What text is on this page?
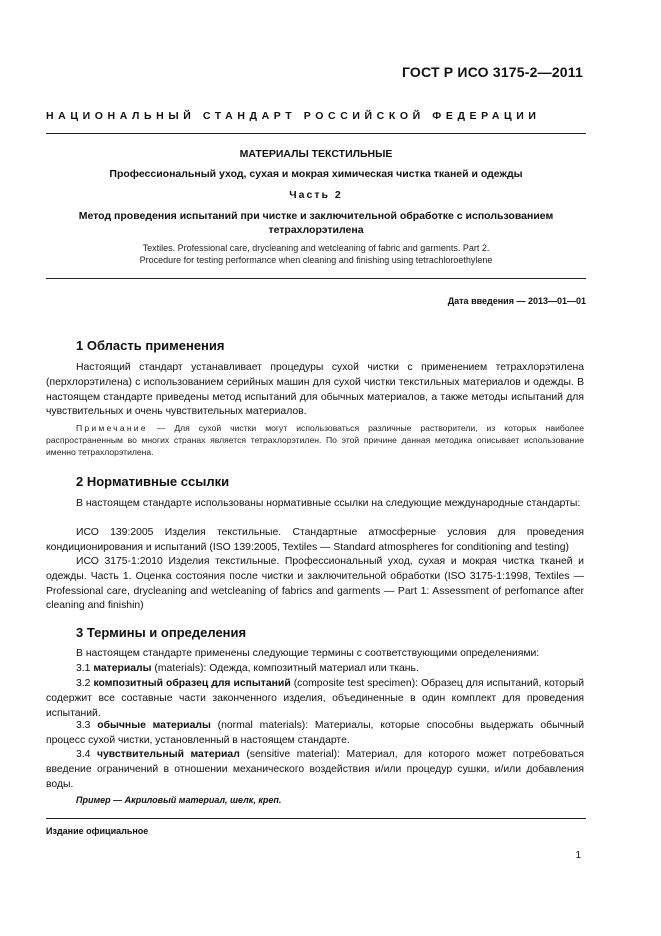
ГОСТ Р ИСО 3175-2—2011
НАЦИОНАЛЬНЫЙ СТАНДАРТ РОССИЙСКОЙ ФЕДЕРАЦИИ
МАТЕРИАЛЫ ТЕКСТИЛЬНЫЕ
Профессиональный уход, сухая и мокрая химическая чистка тканей и одежды
Часть 2
Метод проведения испытаний при чистке и заключительной обработке с использованием тетрахлорэтилена
Textiles. Professional care, drycleaning and wetcleaning of fabric and garments. Part 2.
Procedure for testing performance when cleaning and finishing using tetrachloroethylene
Дата введения — 2013—01—01
1 Область применения

Настоящий стандарт устанавливает процедуры сухой чистки с применением тетрахлорэтилена (перхлорэтилена) с использованием серийных машин для сухой чистки текстильных материалов и одежды. В настоящем стандарте приведены метод испытаний для обычных материалов, а также методы испытаний для чувствительных и очень чувствительных материалов.

Примечание — Для сухой чистки могут использоваться различные растворители, из которых наиболее распространенным во многих странах является тетрахлорэтилен. По этой причине данная методика описывает использование именно тетрахлорэтилена.
2 Нормативные ссылки

В настоящем стандарте использованы нормативные ссылки на следующие международные стандарты:

ИСО 139:2005 Изделия текстильные. Стандартные атмосферные условия для проведения кондиционирования и испытаний (ISO 139:2005, Textiles — Standard atmospheres for conditioning and testing)

ИСО 3175-1:2010 Изделия текстильные. Профессиональный уход, сухая и мокрая чистка тканей и одежды. Часть 1. Оценка состояния после чистки и заключительной обработки (ISO 3175-1:1998, Textiles — Professional care, drycleaning and wetcleaning of fabrics and garments — Part 1: Assessment of perfomance after cleaning and finishin)

3 Термины и определения

В настоящем стандарте применены следующие термины с соответствующими определениями:

3.1 материалы (materials): Одежда, композитный материал или ткань.

3.2 композитный образец для испытаний (composite test specimen): Образец для испытаний, который содержит все составные части законченного изделия, объединенные в один комплект для проведения испытаний.

3.3 обычные материалы (normal materials): Материалы, которые способны выдержать обычный процесс сухой чистки, установленный в настоящем стандарте.

3.4 чувствительный материал (sensitive material): Материал, для которого может потребоваться введение ограничений в отношении механического воздействия и/или процедур сушки, и/или добавления воды.

Пример — Акриловый материал, шелк, креп.
Издание официальное
1
